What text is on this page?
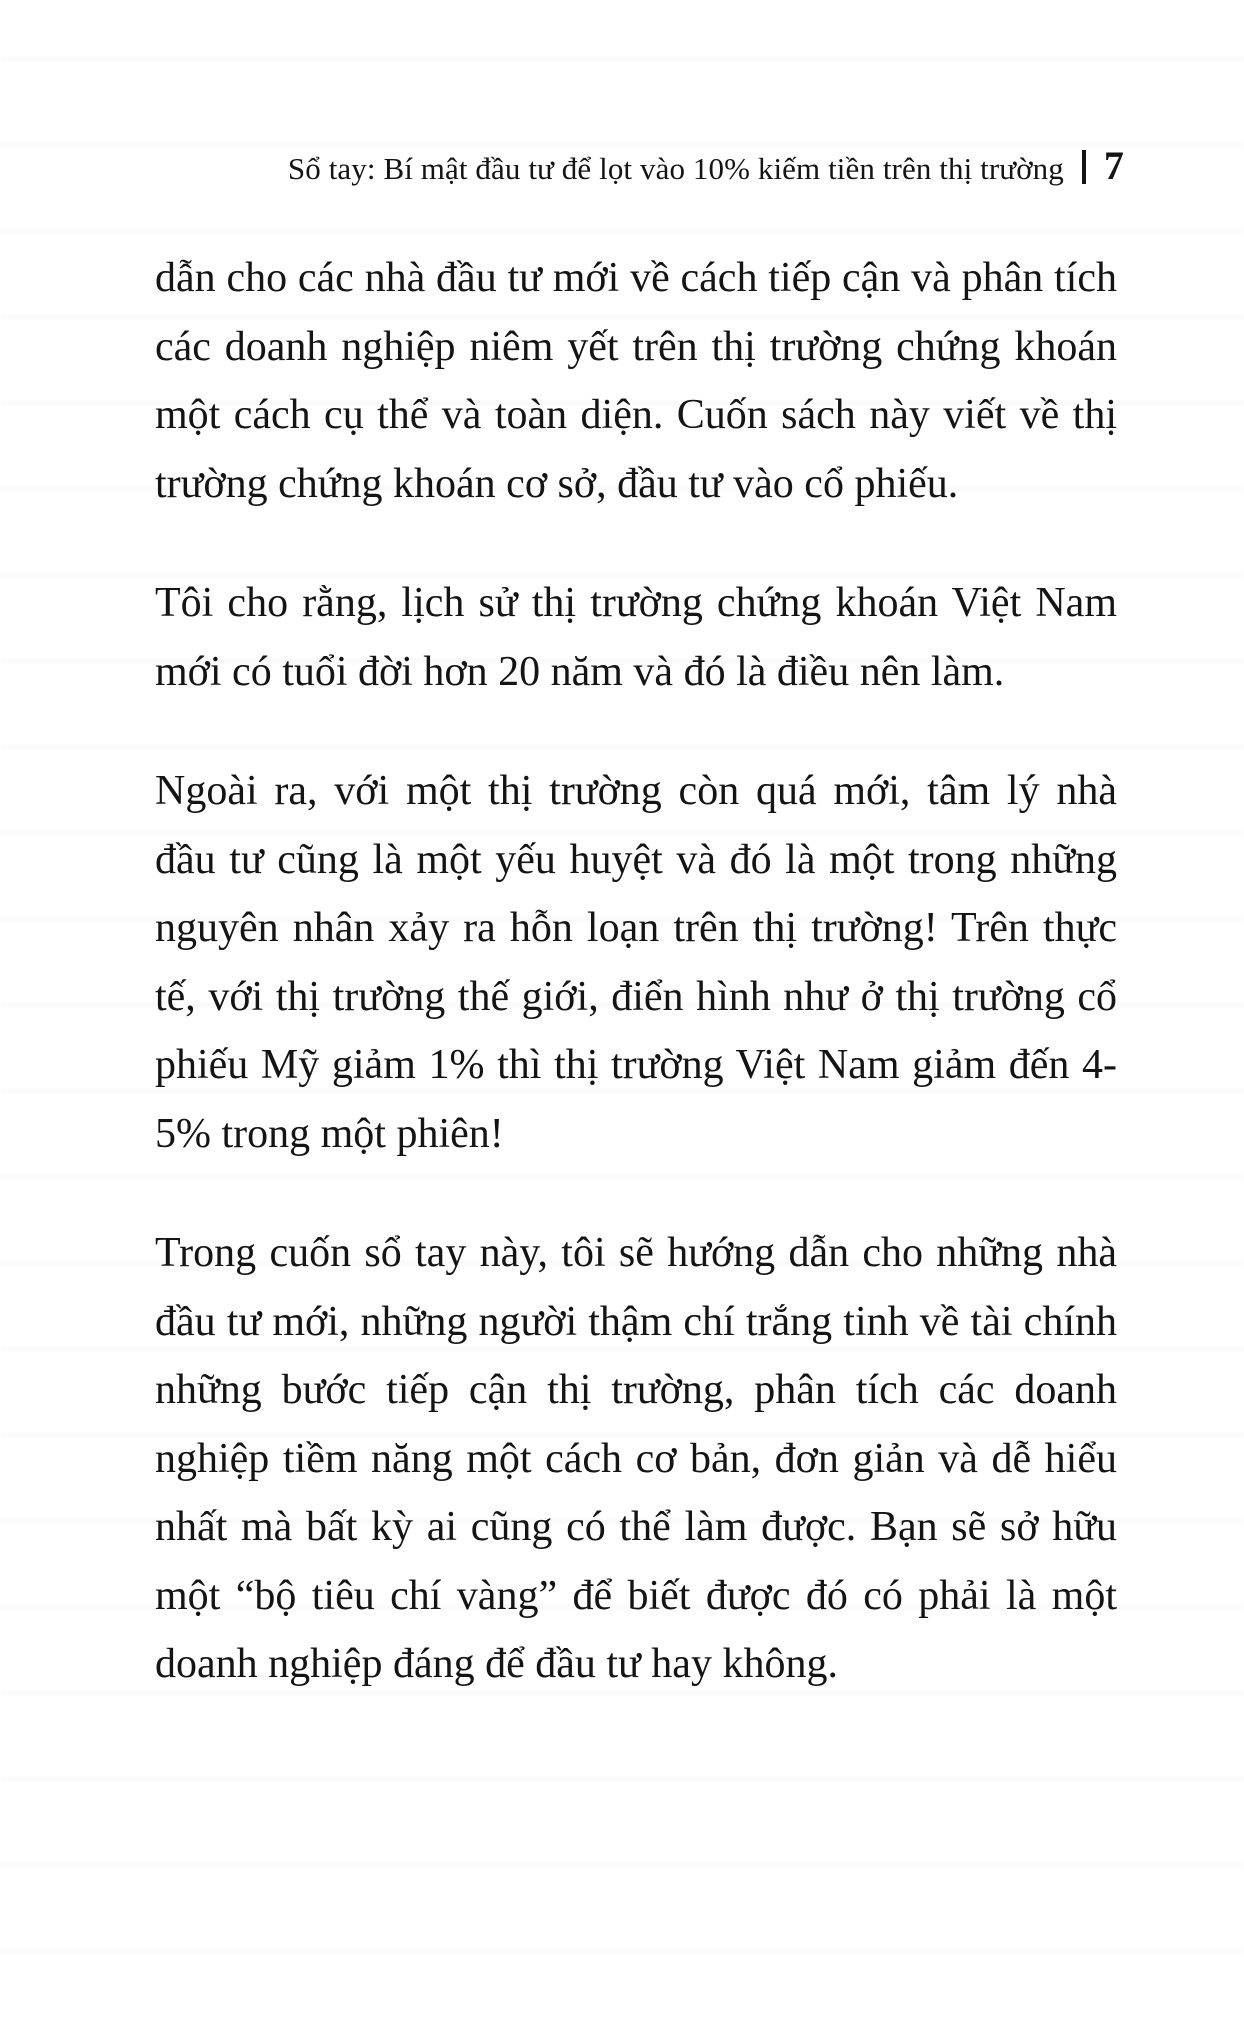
Sổ tay: Bí mật đầu tư để lọt vào 10% kiếm tiền trên thị trường 7

dẫn cho các nhà đầu tư mới về cách tiếp cận và phân tích các doanh nghiệp niêm yết trên thị trường chứng khoán một cách cụ thể và toàn diện. Cuốn sách này viết về thị trường chứng khoán cơ sở, đầu tư vào cổ phiếu.

Tôi cho rằng, lịch sử thị trường chứng khoán Việt Nam mới có tuổi đời hơn 20 năm và đó là điều nên làm.

Ngoài ra, với một thị trường còn quá mới, tâm lý nhà đầu tư cũng là một yếu huyệt và đó là một trong những nguyên nhân xảy ra hỗn loạn trên thị trường! Trên thực tế, với thị trường thế giới, điển hình như ở thị trường cổ phiếu Mỹ giảm 1% thì thị trường Việt Nam giảm đến 4-5% trong một phiên!

Trong cuốn sổ tay này, tôi sẽ hướng dẫn cho những nhà đầu tư mới, những người thậm chí trắng tinh về tài chính những bước tiếp cận thị trường, phân tích các doanh nghiệp tiềm năng một cách cơ bản, đơn giản và dễ hiểu nhất mà bất kỳ ai cũng có thể làm được. Bạn sẽ sở hữu một “bộ tiêu chí vàng” để biết được đó có phải là một doanh nghiệp đáng để đầu tư hay không.
